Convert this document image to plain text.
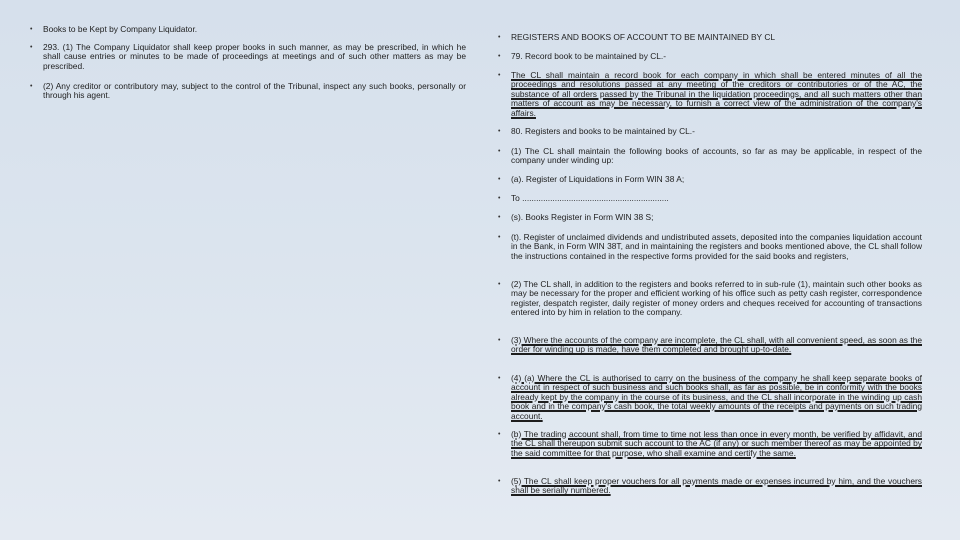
• Books to be Kept by Company Liquidator.
• 293. (1) The Company Liquidator shall keep proper books in such manner, as may be prescribed, in which he shall cause entries or minutes to be made of proceedings at meetings and of such other matters as may be prescribed.
• (2) Any creditor or contributory may, subject to the control of the Tribunal, inspect any such books, personally or through his agent.
• REGISTERS AND BOOKS OF ACCOUNT TO BE MAINTAINED BY CL
• 79. Record book to be maintained by CL.-
• The CL shall maintain a record book for each company in which shall be entered minutes of all the proceedings and resolutions passed at any meeting of the creditors or contributories or of the AC, the substance of all orders passed by the Tribunal in the liquidation proceedings, and all such matters other than matters of account as may be necessary, to furnish a correct view of the administration of the company's affairs.
• 80. Registers and books to be maintained by CL.-
• (1) The CL shall maintain the following books of accounts, so far as may be applicable, in respect of the company under winding up:
• (a). Register of Liquidations in Form WIN 38 A;
• To ...............................................................
• (s). Books Register in Form WIN 38 S;
• (t). Register of unclaimed dividends and undistributed assets, deposited into the companies liquidation account in the Bank, in Form WIN 38T, and in maintaining the registers and books mentioned above, the CL shall follow the instructions contained in the respective forms provided for the said books and registers,
• (2) The CL shall, in addition to the registers and books referred to in sub-rule (1), maintain such other books as may be necessary for the proper and efficient working of his office such as petty cash register, correspondence register, despatch register, daily register of money orders and cheques received for accounting of transactions entered into by him in relation to the company.
• (3) Where the accounts of the company are incomplete, the CL shall, with all convenient speed, as soon as the order for winding up is made, have them completed and brought up-to-date.
• (4) (a) Where the CL is authorised to carry on the business of the company he shall keep separate books of account in respect of such business and such books shall, as far as possible, be in conformity with the books already kept by the company in the course of its business, and the CL shall incorporate in the winding up cash book and in the company's cash book, the total weekly amounts of the receipts and payments on such trading account.
• (b) The trading account shall, from time to time not less than once in every month, be verified by affidavit, and the CL shall thereupon submit such account to the AC (if any) or such member thereof as may be appointed by the said committee for that purpose, who shall examine and certify the same.
• (5) The CL shall keep proper vouchers for all payments made or expenses incurred by him, and the vouchers shall be serially numbered.
